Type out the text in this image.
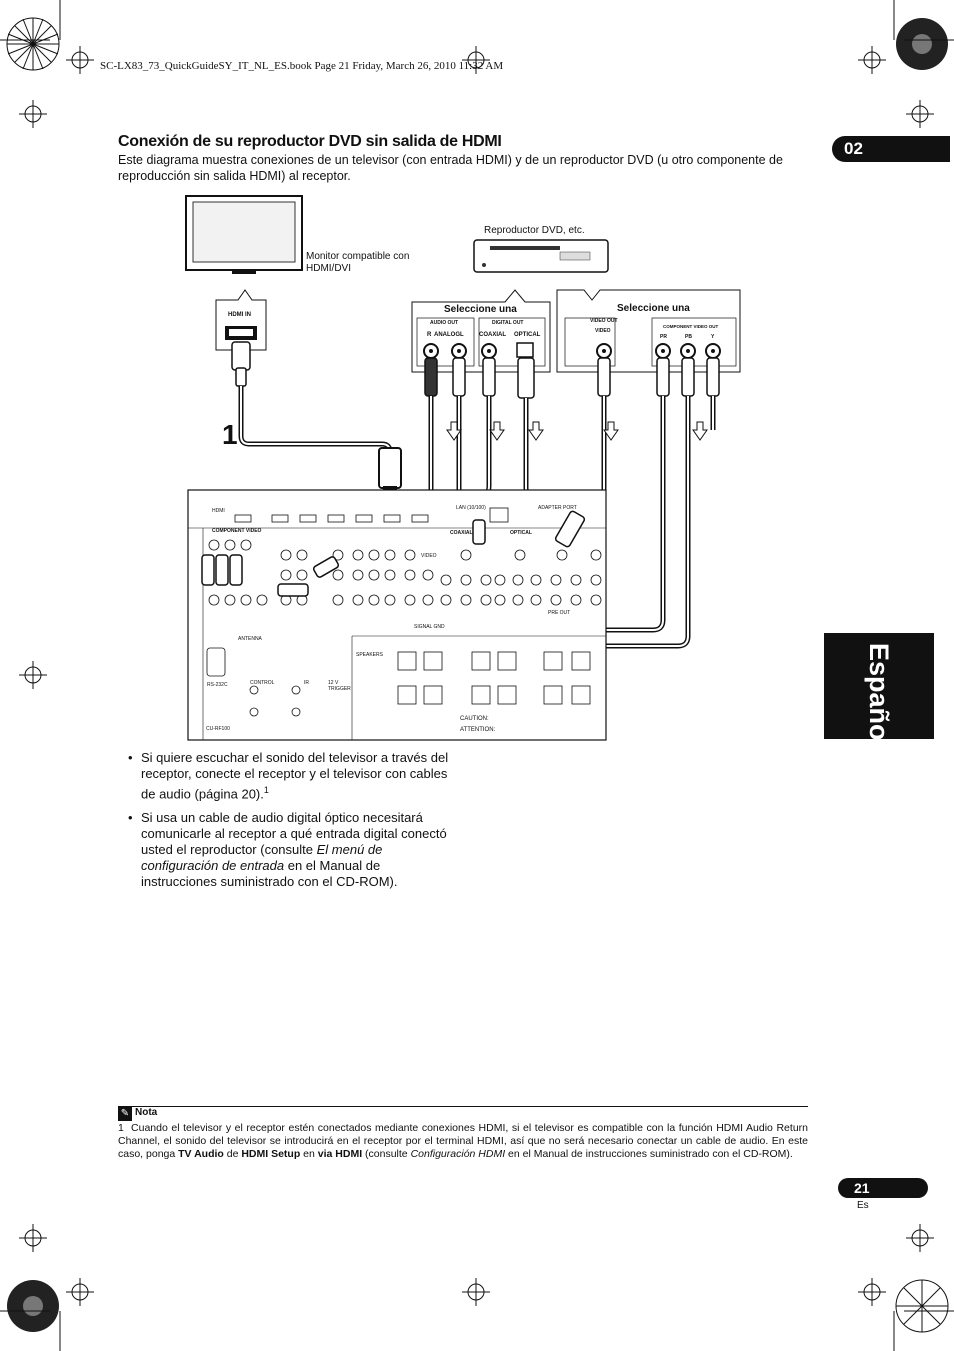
SC-LX83_73_QuickGuideSY_IT_NL_ES.book Page 21 Friday, March 26, 2010 11:32 AM
02
Español
Conexión de su reproductor DVD sin salida de HDMI
Este diagrama muestra conexiones de un televisor (con entrada HDMI) y de un reproductor DVD (u otro componente de reproducción sin salida HDMI) al receptor.
1
Monitor compatible con HDMI/DVI
Reproductor DVD, etc.
HDMI IN	Seleccione una	Seleccione una
AUDIO OUT
R ANALOG L
DIGITAL OUT
COAXIAL OPTICAL
VIDEO OUT
VIDEO
COMPONENT VIDEO OUT
PR	PB	Y
HDMI
COMPONENT VIDEO
LAN (10/100)	ADAPTER PORT
COAXIAL	OPTICAL
VIDEO
PRE OUT
ANTENNA
SIGNAL GND
SPEAKERS
RS-232C	CONTROL	IR	12 V TRIGGER
CU-RF100
CAUTION:
ATTENTION:
• Si quiere escuchar el sonido del televisor a través del receptor, conecte el receptor y el televisor con cables de audio (página 20).$^1$
• Si usa un cable de audio digital óptico necesitará comunicarle al receptor a qué entrada digital conectó usted el reproductor (consulte El menú de configuración de entrada en el Manual de instrucciones suministrado con el CD-ROM).
✎ Nota
1 Cuando el televisor y el receptor estén conectados mediante conexiones HDMI, si el televisor es compatible con la función HDMI Audio Return Channel, el sonido del televisor se introducirá en el receptor por el terminal HDMI, así que no será necesario conectar un cable de audio. En este caso, ponga TV Audio de HDMI Setup en via HDMI (consulte Configuración HDMI en el Manual de instrucciones suministrado con el CD-ROM).
21
Es
